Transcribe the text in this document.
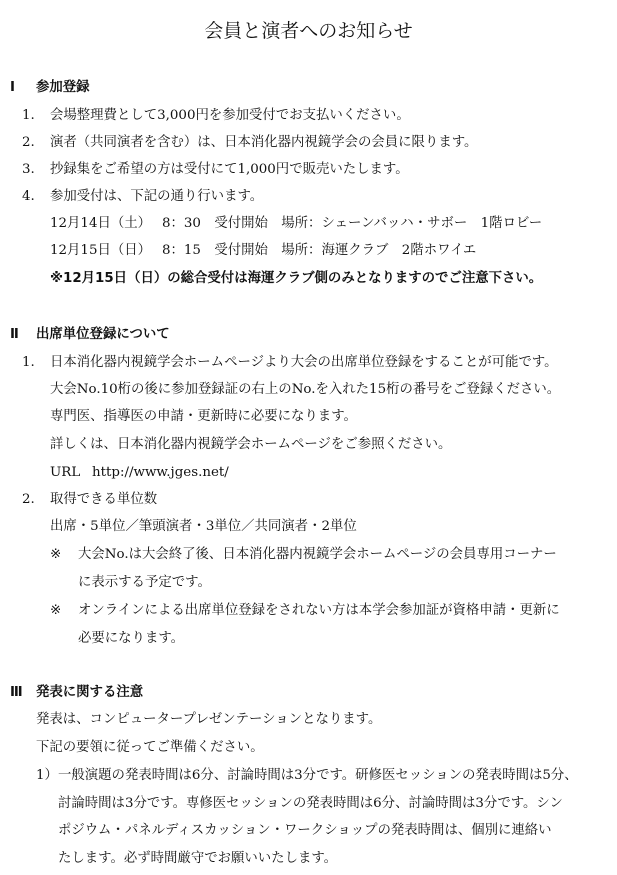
会員と演者へのお知らせ
Ⅰ 参加登録
1. 会場整理費として3,000円を参加受付でお支払いください。
2. 演者（共同演者を含む）は、日本消化器内視鏡学会の会員に限ります。
3. 抄録集をご希望の方は受付にて1,000円で販売いたします。
4. 参加受付は、下記の通り行います。
12月14日（土）　 8：30　受付開始　場所：シェーンバッハ・サボー　1階ロビー
12月15日（日）　 8：15　受付開始　場所：海運クラブ　2階ホワイエ
※12月15日（日）の総合受付は海運クラブ側のみとなりますのでご注意下さい。
Ⅱ 出席単位登録について
1. 日本消化器内視鏡学会ホームページより大会の出席単位登録をすることが可能です。
大会No.10桁の後に参加登録証の右上のNo.を入れた15桁の番号をご登録ください。
専門医、指導医の申請・更新時に必要になります。
詳しくは、日本消化器内視鏡学会ホームページをご参照ください。
URL http://www.jges.net/
2. 取得できる単位数
出席・5単位／筆頭演者・3単位／共同演者・2単位
※ 大会No.は大会終了後、日本消化器内視鏡学会ホームページの会員専用コーナー
に表示する予定です。
※ オンラインによる出席単位登録をされない方は本学会参加証が資格申請・更新に
必要になります。
Ⅲ 発表に関する注意
発表は、コンピュータープレゼンテーションとなります。
下記の要領に従ってご準備ください。
1） 一般演題の発表時間は6分、討論時間は3分です。研修医セッションの発表時間は5分、
討論時間は3分です。専修医セッションの発表時間は6分、討論時間は3分です。シン
ポジウム・パネルディスカッション・ワークショップの発表時間は、個別に連絡い
たします。必ず時間厳守でお願いいたします。
